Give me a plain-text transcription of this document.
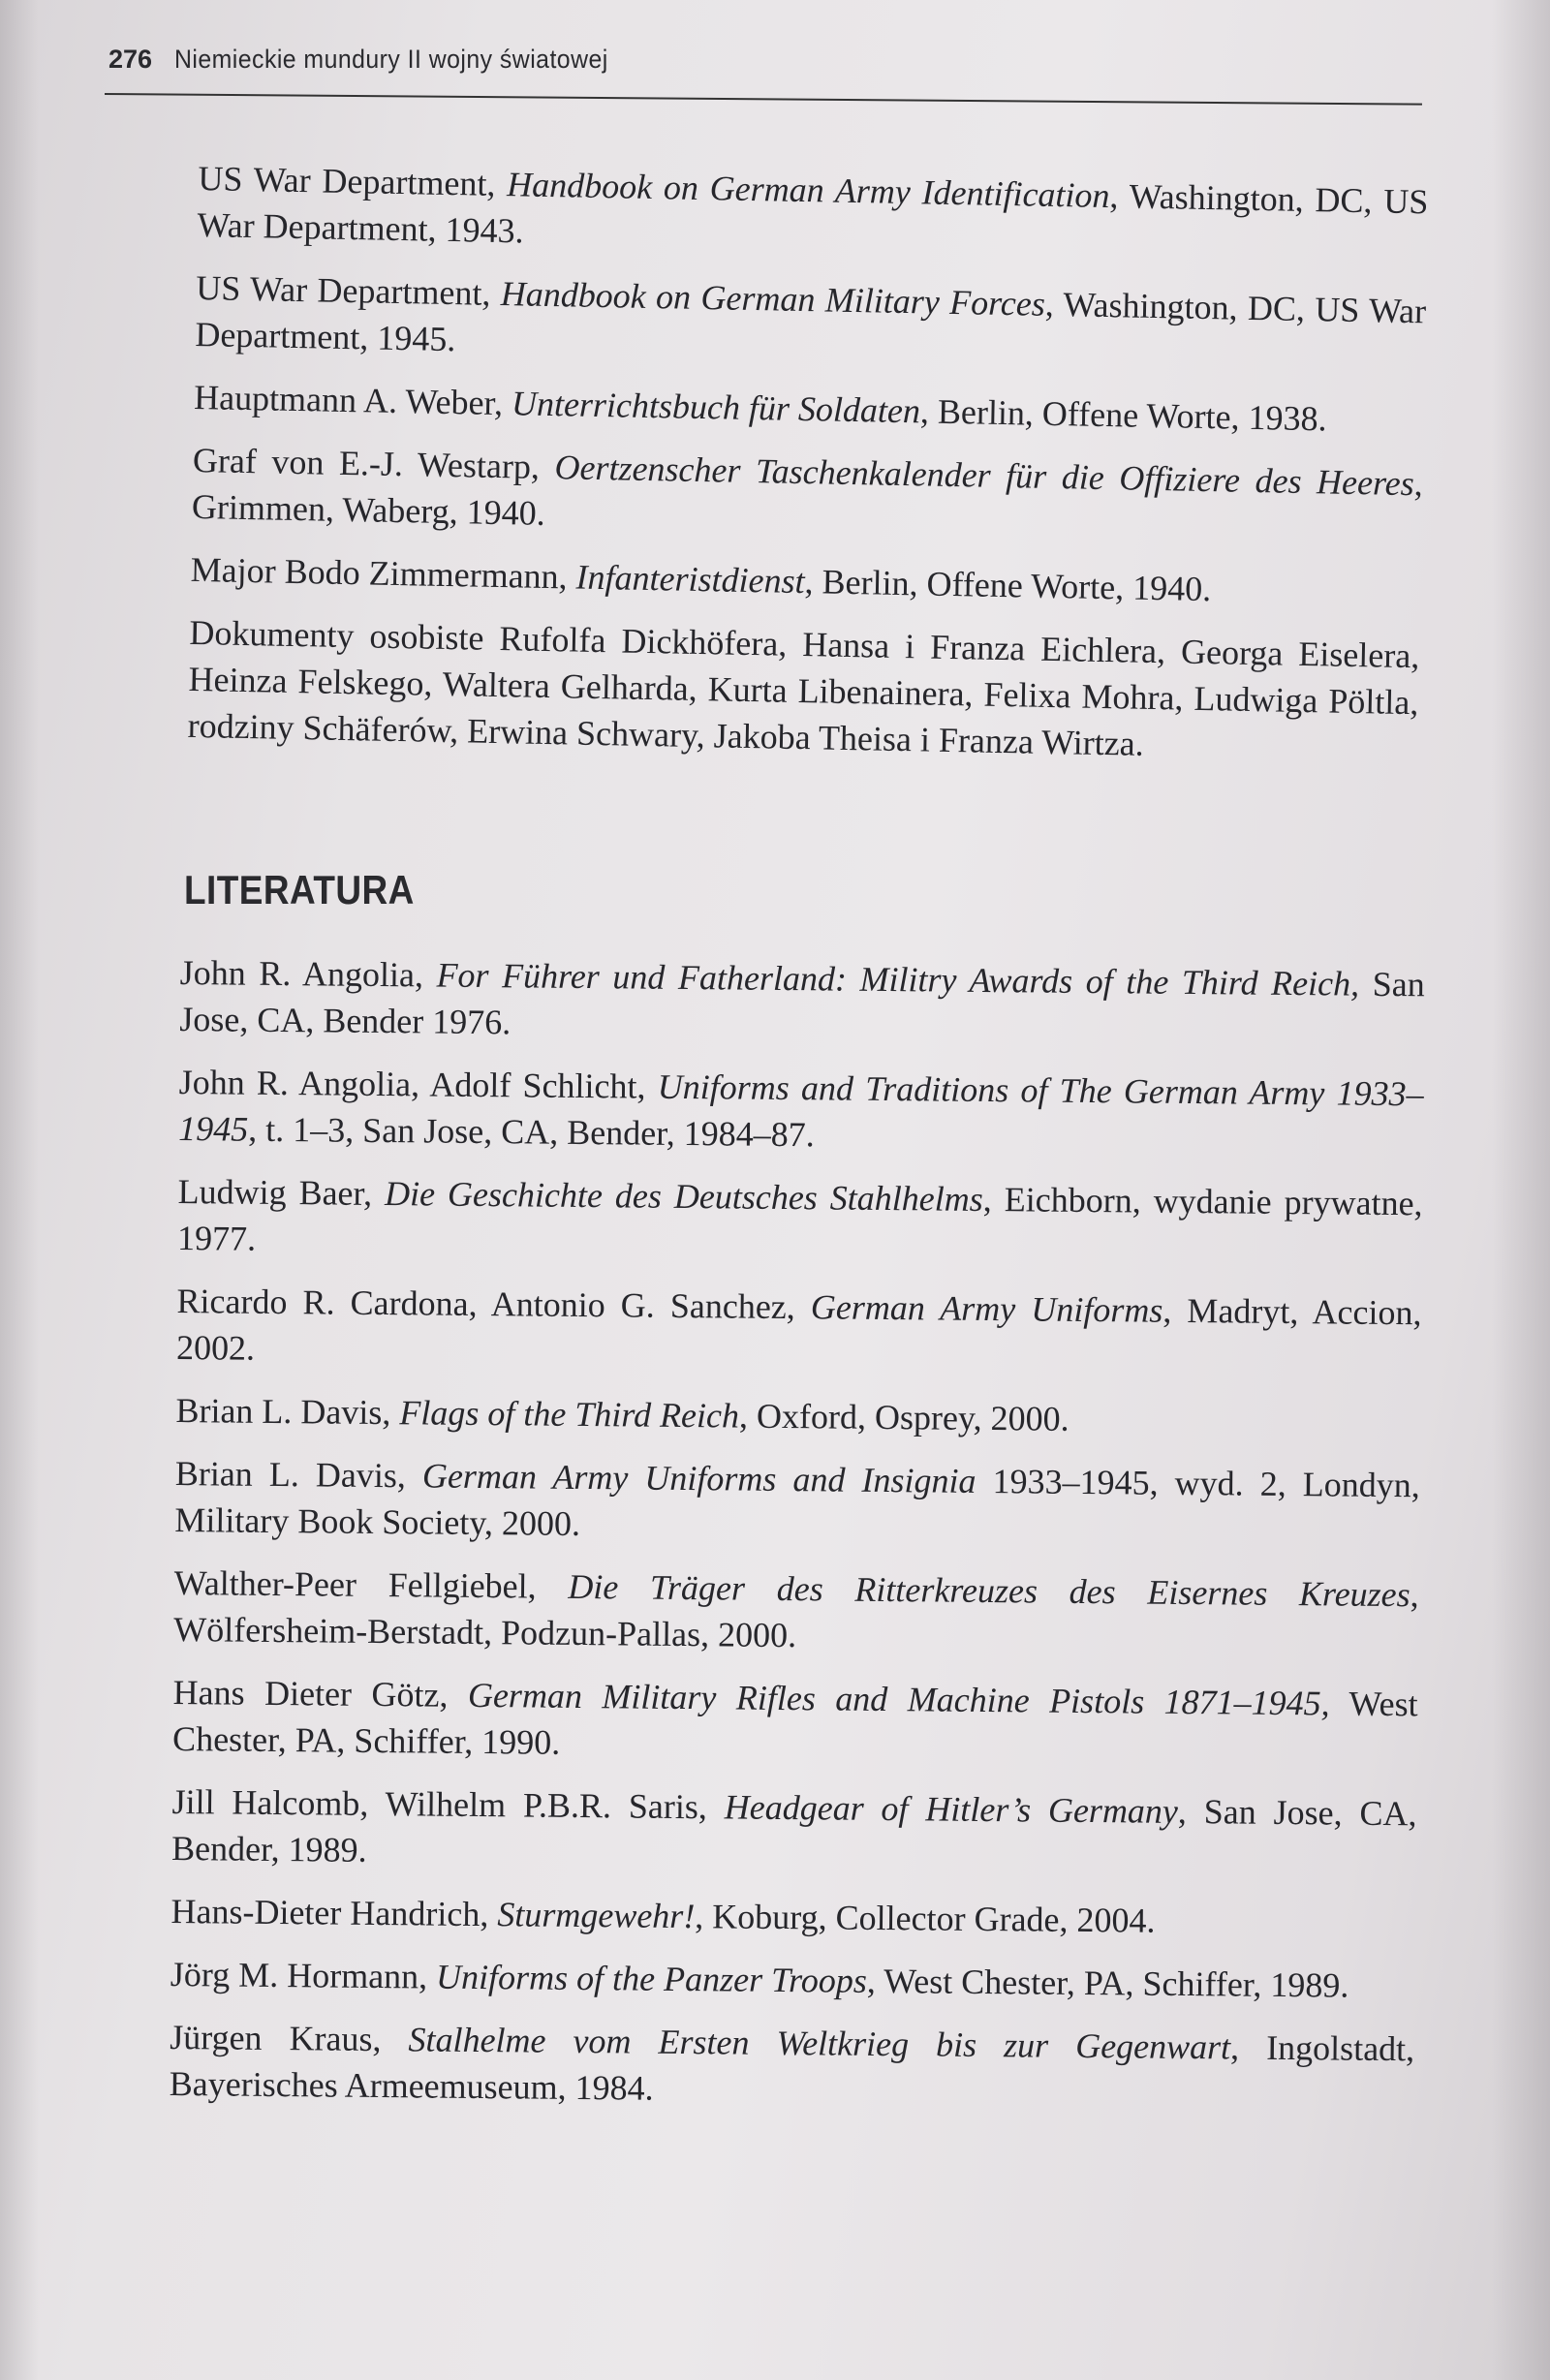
276 Niemieckie mundury II wojny światowej

US War Department, Handbook on German Army Identification, Washington, DC, US War Department, 1943.

US War Department, Handbook on German Military Forces, Washington, DC, US War Department, 1945.

Hauptmann A. Weber, Unterrichtsbuch für Soldaten, Berlin, Offene Worte, 1938.

Graf von E.-J. Westarp, Oertzenscher Taschenkalender für die Offiziere des Heeres, Grimmen, Waberg, 1940.

Major Bodo Zimmermann, Infanteristdienst, Berlin, Offene Worte, 1940.

Dokumenty osobiste Rufolfa Dickhöfera, Hansa i Franza Eichlera, Georga Eiselera, Heinza Felskego, Waltera Gelharda, Kurta Libenainera, Felixa Mohra, Ludwiga Pöltla, rodziny Schäferów, Erwina Schwary, Jakoba Theisa i Franza Wirtza.

LITERATURA

John R. Angolia, For Führer und Fatherland: Militry Awards of the Third Reich, San Jose, CA, Bender 1976.

John R. Angolia, Adolf Schlicht, Uniforms and Traditions of The German Army 1933–1945, t. 1–3, San Jose, CA, Bender, 1984–87.

Ludwig Baer, Die Geschichte des Deutsches Stahlhelms, Eichborn, wydanie prywatne, 1977.

Ricardo R. Cardona, Antonio G. Sanchez, German Army Uniforms, Madryt, Accion, 2002.

Brian L. Davis, Flags of the Third Reich, Oxford, Osprey, 2000.

Brian L. Davis, German Army Uniforms and Insignia 1933–1945, wyd. 2, Londyn, Military Book Society, 2000.

Walther-Peer Fellgiebel, Die Träger des Ritterkreuzes des Eisernes Kreuzes, Wölfersheim-Berstadt, Podzun-Pallas, 2000.

Hans Dieter Götz, German Military Rifles and Machine Pistols 1871–1945, West Chester, PA, Schiffer, 1990.

Jill Halcomb, Wilhelm P.B.R. Saris, Headgear of Hitler’s Germany, San Jose, CA, Bender, 1989.

Hans-Dieter Handrich, Sturmgewehr!, Koburg, Collector Grade, 2004.

Jörg M. Hormann, Uniforms of the Panzer Troops, West Chester, PA, Schiffer, 1989.

Jürgen Kraus, Stalhelme vom Ersten Weltkrieg bis zur Gegenwart, Ingolstadt, Bayerisches Armeemuseum, 1984.
